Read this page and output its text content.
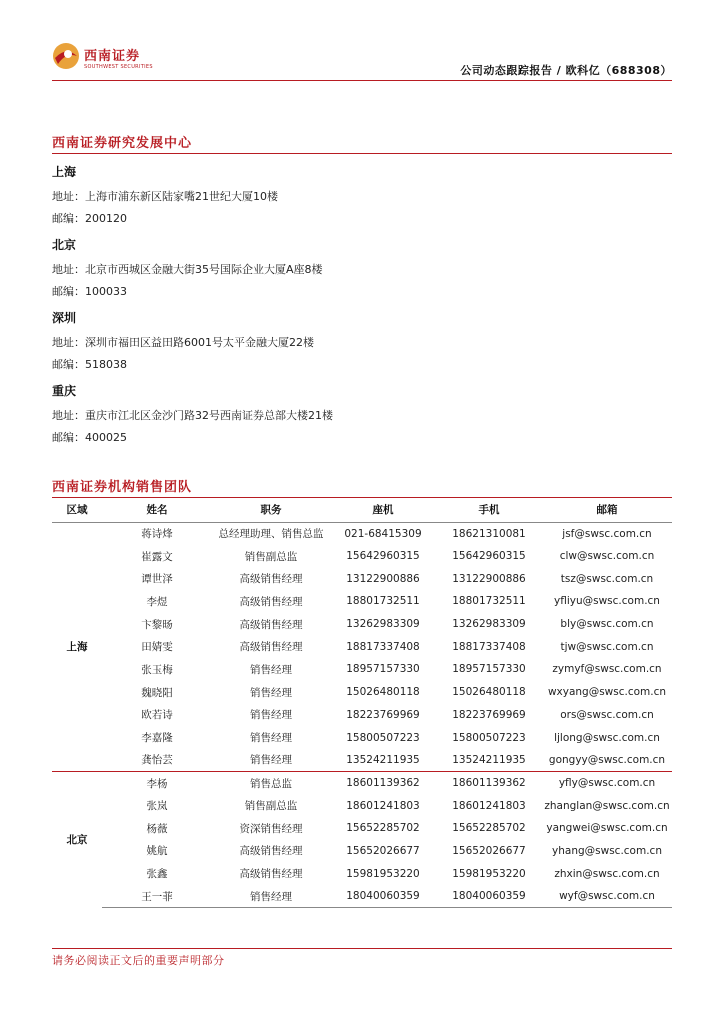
西南证券
SOUTHWEST SECURITIES	公司动态跟踪报告 / 欧科亿（688308）
西南证券研究发展中心
上海
地址：上海市浦东新区陆家嘴21世纪大厦10楼
邮编：200120
北京
地址：北京市西城区金融大街35号国际企业大厦A座8楼
邮编：100033
深圳
地址：深圳市福田区益田路6001号太平金融大厦22楼
邮编：518038
重庆
地址：重庆市江北区金沙门路32号西南证券总部大楼21楼
邮编：400025
西南证券机构销售团队
区域	姓名	职务	座机	手机	邮箱
上海	蒋诗烽	总经理助理、销售总监	021-68415309	18621310081	jsf@swsc.com.cn
	崔露文	销售副总监	15642960315	15642960315	clw@swsc.com.cn
	谭世泽	高级销售经理	13122900886	13122900886	tsz@swsc.com.cn
	李煜	高级销售经理	18801732511	18801732511	yfliyu@swsc.com.cn
	卞黎旸	高级销售经理	13262983309	13262983309	bly@swsc.com.cn
	田婧雯	高级销售经理	18817337408	18817337408	tjw@swsc.com.cn
	张玉梅	销售经理	18957157330	18957157330	zymyf@swsc.com.cn
	魏晓阳	销售经理	15026480118	15026480118	wxyang@swsc.com.cn
	欧若诗	销售经理	18223769969	18223769969	ors@swsc.com.cn
	李嘉隆	销售经理	15800507223	15800507223	ljlong@swsc.com.cn
	龚怡芸	销售经理	13524211935	13524211935	gongyy@swsc.com.cn
北京	李杨	销售总监	18601139362	18601139362	yfly@swsc.com.cn
	张岚	销售副总监	18601241803	18601241803	zhanglan@swsc.com.cn
	杨薇	资深销售经理	15652285702	15652285702	yangwei@swsc.com.cn
	姚航	高级销售经理	15652026677	15652026677	yhang@swsc.com.cn
	张鑫	高级销售经理	15981953220	15981953220	zhxin@swsc.com.cn
	王一菲	销售经理	18040060359	18040060359	wyf@swsc.com.cn
请务必阅读正文后的重要声明部分
